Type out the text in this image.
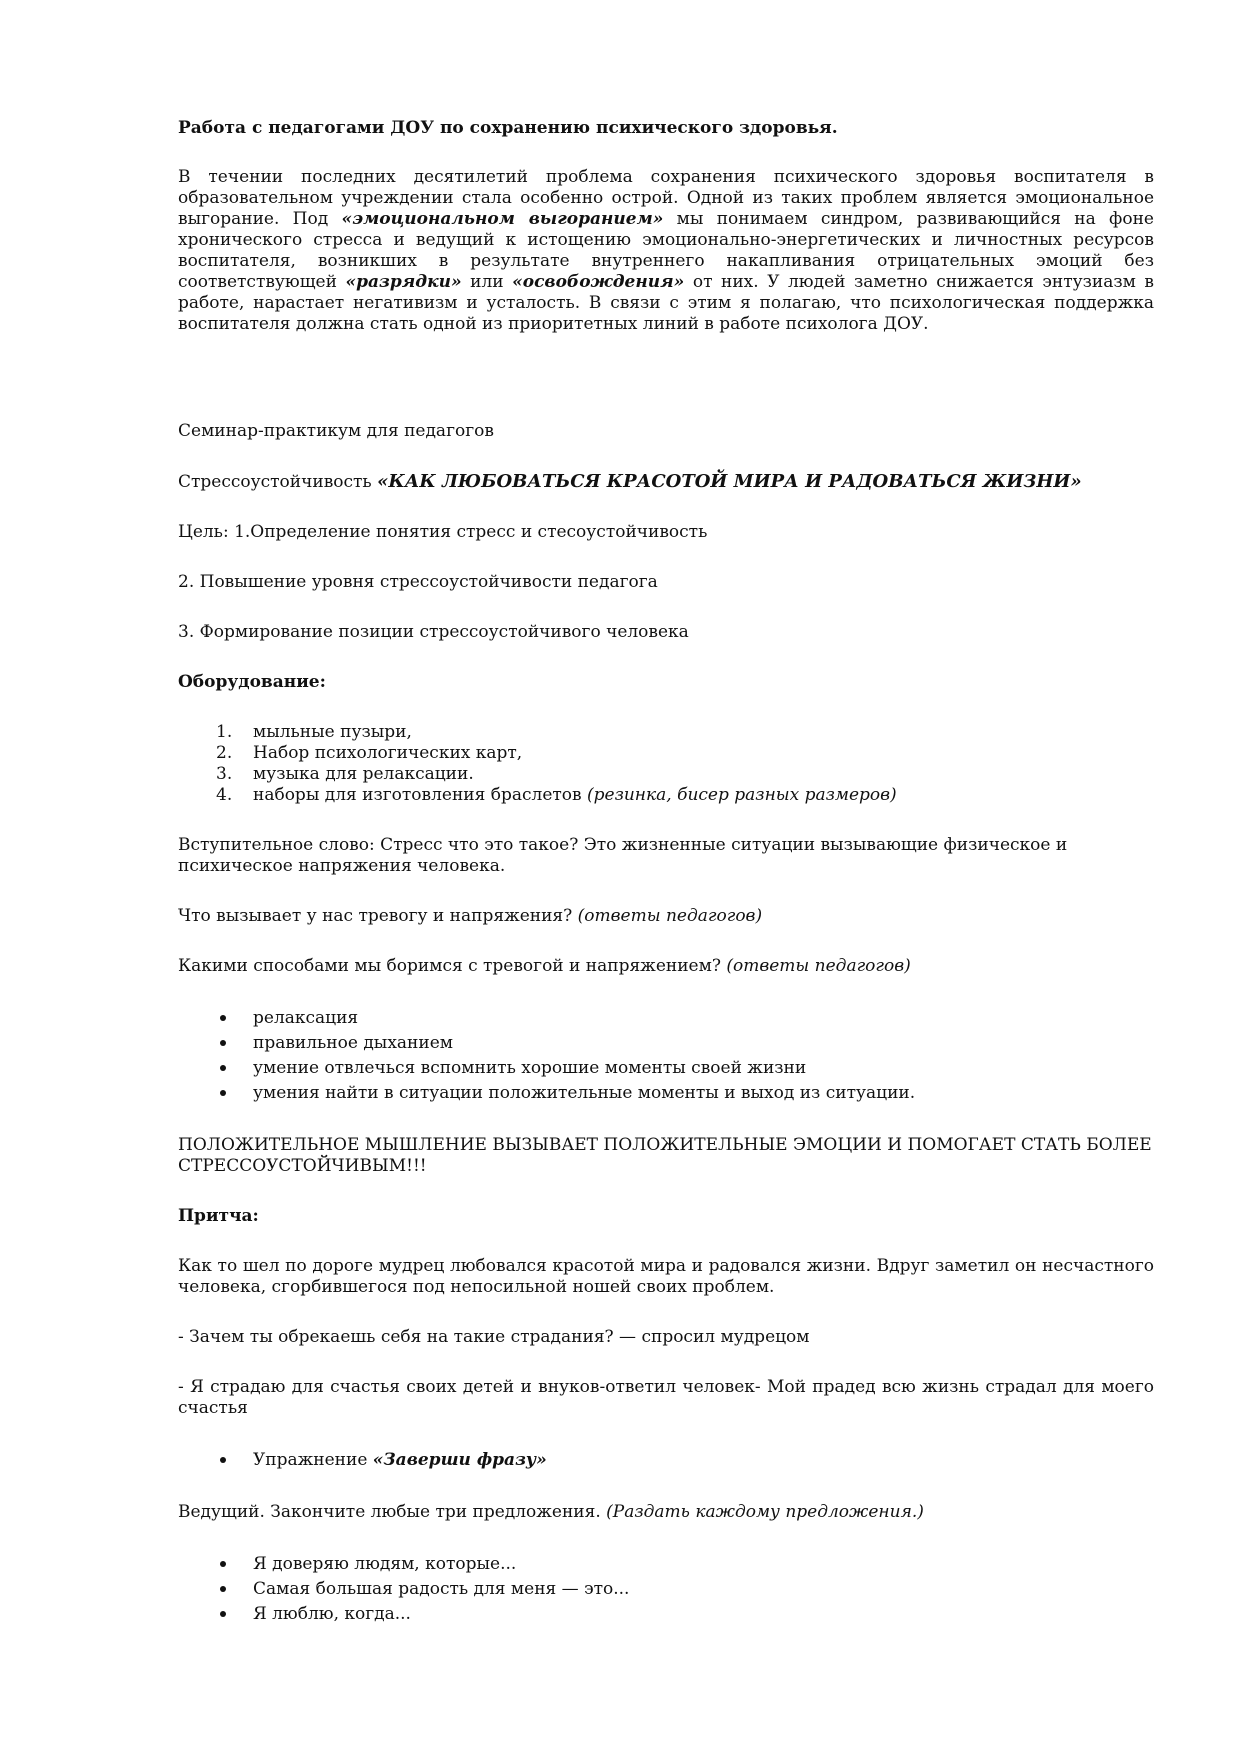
Работа с педагогами ДОУ по сохранению психического здоровья.

В течении последних десятилетий проблема сохранения психического здоровья воспитателя в образовательном учреждении стала особенно острой. Одной из таких проблем является эмоциональное выгорание. Под «эмоциональном выгоранием» мы понимаем синдром, развивающийся на фоне хронического стресса и ведущий к истощению эмоционально-энергетических и личностных ресурсов воспитателя, возникших в результате внутреннего накапливания отрицательных эмоций без соответствующей «разрядки» или «освобождения» от них. У людей заметно снижается энтузиазм в работе, нарастает негативизм и усталость. В связи с этим я полагаю, что психологическая поддержка воспитателя должна стать одной из приоритетных линий в работе психолога ДОУ.

Семинар-практикум для педагогов

Стрессоустойчивость «КАК ЛЮБОВАТЬСЯ КРАСОТОЙ МИРА И РАДОВАТЬСЯ ЖИЗНИ»

Цель: 1.Определение понятия стресс и стесоустойчивость

2. Повышение уровня стрессоустойчивости педагога

3. Формирование позиции стрессоустойчивого человека

Оборудование:

1. мыльные пузыри,
2. Набор психологических карт,
3. музыка для релаксации.
4. наборы для изготовления браслетов (резинка, бисер разных размеров)

Вступительное слово: Стресс что это такое? Это жизненные ситуации вызывающие физическое и психическое напряжения человека.

Что вызывает у нас тревогу и напряжения? (ответы педагогов)

Какими способами мы боримся с тревогой и напряжением? (ответы педагогов)

релаксация
правильное дыханием
умение отвлечься вспомнить хорошие моменты своей жизни
умения найти в ситуации положительные моменты и выход из ситуации.

ПОЛОЖИТЕЛЬНОЕ МЫШЛЕНИЕ ВЫЗЫВАЕТ ПОЛОЖИТЕЛЬНЫЕ ЭМОЦИИ И ПОМОГАЕТ СТАТЬ БОЛЕЕ СТРЕССОУСТОЙЧИВЫМ!!!

Притча:

Как то шел по дороге мудрец любовался красотой мира и радовался жизни. Вдруг заметил он несчастного человека, сгорбившегося под непосильной ношей своих проблем.

- Зачем ты обрекаешь себя на такие страдания? — спросил мудрецом

- Я страдаю для счастья своих детей и внуков-ответил человек- Мой прадед всю жизнь страдал для моего счастья

Упражнение «Заверши фразу»

Ведущий. Закончите любые три предложения. (Раздать каждому предложения.)

Я доверяю людям, которые...
Самая большая радость для меня — это...
Я люблю, когда...
